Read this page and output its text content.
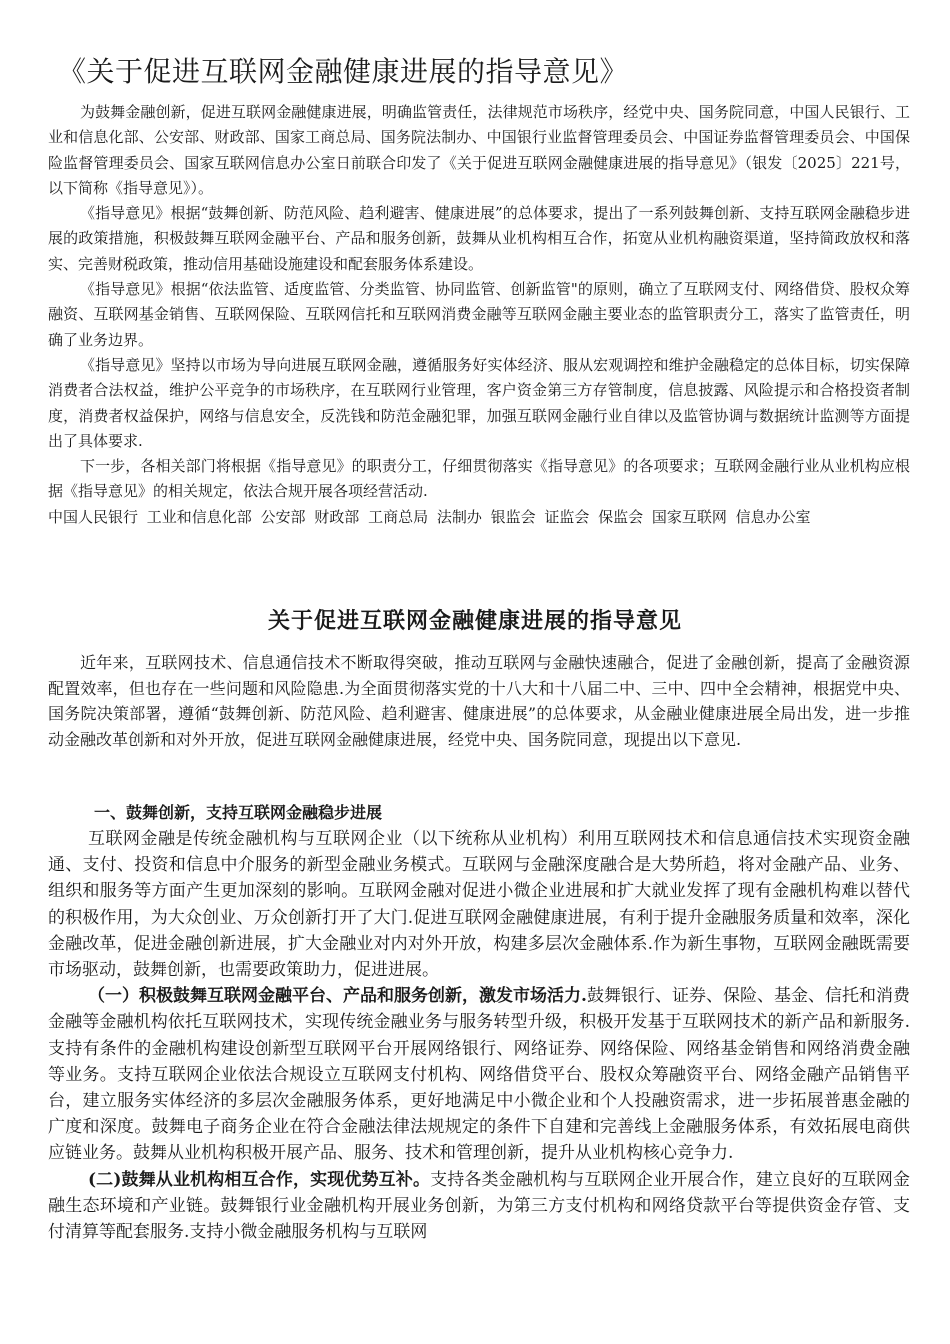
《关于促进互联网金融健康进展的指导意见》

为鼓舞金融创新，促进互联网金融健康进展，明确监管责任，法律规范市场秩序，经党中央、国务院同意，中国人民银行、工业和信息化部、公安部、财政部、国家工商总局、国务院法制办、中国银行业监督管理委员会、中国证券监督管理委员会、中国保险监督管理委员会、国家互联网信息办公室日前联合印发了《关于促进互联网金融健康进展的指导意见》（银发〔2025〕221号，以下简称《指导意见》）。

《指导意见》根据“鼓舞创新、防范风险、趋利避害、健康进展”的总体要求，提出了一系列鼓舞创新、支持互联网金融稳步进展的政策措施，积极鼓舞互联网金融平台、产品和服务创新，鼓舞从业机构相互合作，拓宽从业机构融资渠道，坚持简政放权和落实、完善财税政策，推动信用基础设施建设和配套服务体系建设。

《指导意见》根据“依法监管、适度监管、分类监管、协同监管、创新监管"的原则，确立了互联网支付、网络借贷、股权众筹融资、互联网基金销售、互联网保险、互联网信托和互联网消费金融等互联网金融主要业态的监管职责分工，落实了监管责任，明确了业务边界。

《指导意见》坚持以市场为导向进展互联网金融，遵循服务好实体经济、服从宏观调控和维护金融稳定的总体目标，切实保障消费者合法权益，维护公平竞争的市场秩序，在互联网行业管理，客户资金第三方存管制度，信息披露、风险提示和合格投资者制度，消费者权益保护，网络与信息安全，反洗钱和防范金融犯罪，加强互联网金融行业自律以及监管协调与数据统计监测等方面提出了具体要求.

下一步，各相关部门将根据《指导意见》的职责分工，仔细贯彻落实《指导意见》的各项要求；互联网金融行业从业机构应根据《指导意见》的相关规定，依法合规开展各项经营活动.

中国人民银行 工业和信息化部 公安部 财政部 工商总局 法制办 银监会 证监会 保监会 国家互联网 信息办公室

关于促进互联网金融健康进展的指导意见

近年来，互联网技术、信息通信技术不断取得突破，推动互联网与金融快速融合，促进了金融创新，提高了金融资源配置效率，但也存在一些问题和风险隐患.为全面贯彻落实党的十八大和十八届二中、三中、四中全会精神，根据党中央、国务院决策部署，遵循“鼓舞创新、防范风险、趋利避害、健康进展”的总体要求，从金融业健康进展全局出发，进一步推动金融改革创新和对外开放，促进互联网金融健康进展，经党中央、国务院同意，现提出以下意见.

一、鼓舞创新，支持互联网金融稳步进展

互联网金融是传统金融机构与互联网企业（以下统称从业机构）利用互联网技术和信息通信技术实现资金融通、支付、投资和信息中介服务的新型金融业务模式。互联网与金融深度融合是大势所趋，将对金融产品、业务、组织和服务等方面产生更加深刻的影响。互联网金融对促进小微企业进展和扩大就业发挥了现有金融机构难以替代的积极作用，为大众创业、万众创新打开了大门.促进互联网金融健康进展，有利于提升金融服务质量和效率，深化金融改革，促进金融创新进展，扩大金融业对内对外开放，构建多层次金融体系.作为新生事物，互联网金融既需要市场驱动，鼓舞创新，也需要政策助力，促进进展。

（一）积极鼓舞互联网金融平台、产品和服务创新，激发市场活力.鼓舞银行、证券、保险、基金、信托和消费金融等金融机构依托互联网技术，实现传统金融业务与服务转型升级，积极开发基于互联网技术的新产品和新服务.支持有条件的金融机构建设创新型互联网平台开展网络银行、网络证券、网络保险、网络基金销售和网络消费金融等业务。支持互联网企业依法合规设立互联网支付机构、网络借贷平台、股权众筹融资平台、网络金融产品销售平台，建立服务实体经济的多层次金融服务体系，更好地满足中小微企业和个人投融资需求，进一步拓展普惠金融的广度和深度。鼓舞电子商务企业在符合金融法律法规规定的条件下自建和完善线上金融服务体系，有效拓展电商供应链业务。鼓舞从业机构积极开展产品、服务、技术和管理创新，提升从业机构核心竞争力.

(二)鼓舞从业机构相互合作，实现优势互补。支持各类金融机构与互联网企业开展合作，建立良好的互联网金融生态环境和产业链。鼓舞银行业金融机构开展业务创新，为第三方支付机构和网络贷款平台等提供资金存管、支付清算等配套服务.支持小微金融服务机构与互联网
